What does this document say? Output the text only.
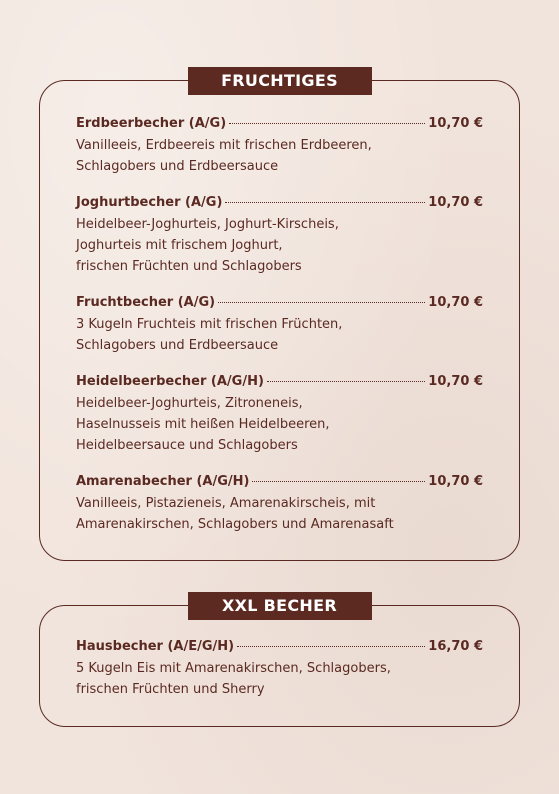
FRUCHTIGES
Erdbeerbecher (A/G)	10,70 €
Vanilleeis, Erdbeereis mit frischen Erdbeeren,
Schlagobers und Erdbeersauce
Joghurtbecher (A/G)	10,70 €
Heidelbeer-Joghurteis, Joghurt-Kirscheis,
Joghurteis mit frischem Joghurt,
frischen Früchten und Schlagobers
Fruchtbecher (A/G)	10,70 €
3 Kugeln Fruchteis mit frischen Früchten,
Schlagobers und Erdbeersauce
Heidelbeerbecher (A/G/H)	10,70 €
Heidelbeer-Joghurteis, Zitroneneis,
Haselnusseis mit heißen Heidelbeeren,
Heidelbeersauce und Schlagobers
Amarenabecher (A/G/H)	10,70 €
Vanilleeis, Pistazieneis, Amarenakirscheis, mit
Amarenakirschen, Schlagobers und Amarenasaft
XXL BECHER
Hausbecher (A/E/G/H)	16,70 €
5 Kugeln Eis mit Amarenakirschen, Schlagobers,
frischen Früchten und Sherry
